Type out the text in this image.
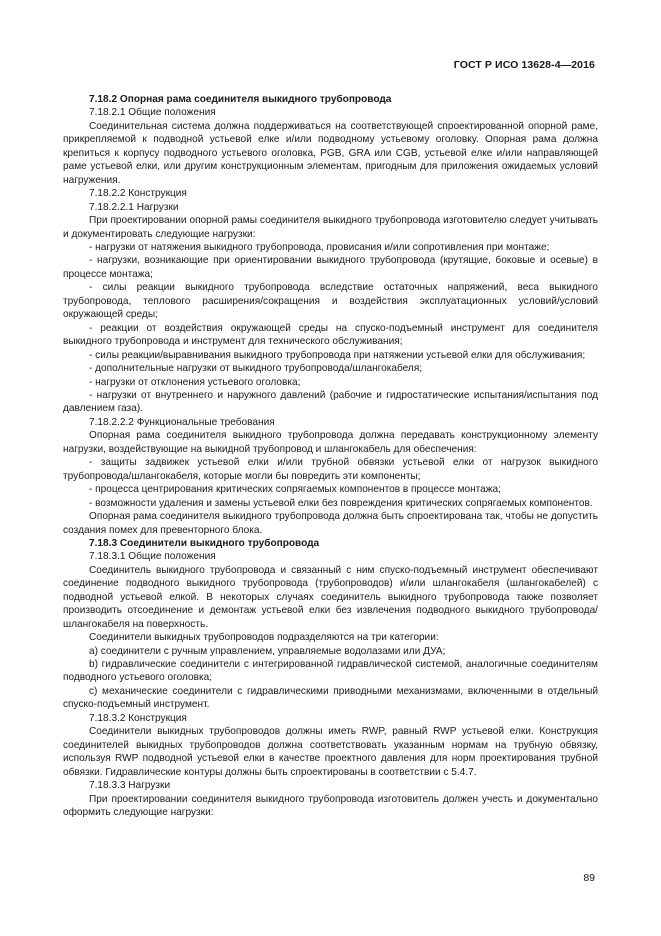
ГОСТ Р ИСО 13628-4—2016

7.18.2 Опорная рама соединителя выкидного трубопровода

7.18.2.1 Общие положения

Соединительная система должна поддерживаться на соответствующей спроектированной опорной раме, прикрепляемой к подводной устьевой елке и/или подводному устьевому оголовку. Опорная рама должна крепиться к корпусу подводного устьевого оголовка, PGB, GRA или CGB, устьевой елке и/или направляющей раме устьевой елки, или другим конструкционным элементам, пригодным для приложения ожидаемых условий нагружения.

7.18.2.2 Конструкция

7.18.2.2.1 Нагрузки

При проектировании опорной рамы соединителя выкидного трубопровода изготовителю следует учитывать и документировать следующие нагрузки:

- нагрузки от натяжения выкидного трубопровода, провисания и/или сопротивления при монтаже;

- нагрузки, возникающие при ориентировании выкидного трубопровода (крутящие, боковые и осевые) в процессе монтажа;

- силы реакции выкидного трубопровода вследствие остаточных напряжений, веса выкидного трубопровода, теплового расширения/сокращения и воздействия эксплуатационных условий/условий окружающей среды;

- реакции от воздействия окружающей среды на спуско-подъемный инструмент для соединителя выкидного трубопровода и инструмент для технического обслуживания;

- силы реакции/выравнивания выкидного трубопровода при натяжении устьевой елки для обслуживания;

- дополнительные нагрузки от выкидного трубопровода/шлангокабеля;

- нагрузки от отклонения устьевого оголовка;

- нагрузки от внутреннего и наружного давлений (рабочие и гидростатические испытания/испытания под давлением газа).

7.18.2.2.2 Функциональные требования

Опорная рама соединителя выкидного трубопровода должна передавать конструкционному элементу нагрузки, воздействующие на выкидной трубопровод и шлангокабель для обеспечения:

- защиты задвижек устьевой елки и/или трубной обвязки устьевой елки от нагрузок выкидного трубопровода/шлангокабеля, которые могли бы повредить эти компоненты;

- процесса центрирования критических сопрягаемых компонентов в процессе монтажа;

- возможности удаления и замены устьевой елки без повреждения критических сопрягаемых компонентов.

Опорная рама соединителя выкидного трубопровода должна быть спроектирована так, чтобы не допустить создания помех для превенторного блока.

7.18.3 Соединители выкидного трубопровода

7.18.3.1 Общие положения

Соединитель выкидного трубопровода и связанный с ним спуско-подъемный инструмент обеспечивают соединение подводного выкидного трубопровода (трубопроводов) и/или шлангокабеля (шлангокабелей) с подводной устьевой елкой. В некоторых случаях соединитель выкидного трубопровода также позволяет производить отсоединение и демонтаж устьевой елки без извлечения подводного выкидного трубопровода/шлангокабеля на поверхность.

Соединители выкидных трубопроводов подразделяются на три категории:

а) соединители с ручным управлением, управляемые водолазами или ДУА;

b) гидравлические соединители с интегрированной гидравлической системой, аналогичные соединителям подводного устьевого оголовка;

с) механические соединители с гидравлическими приводными механизмами, включенными в отдельный спуско-подъемный инструмент.

7.18.3.2 Конструкция

Соединители выкидных трубопроводов должны иметь RWP, равный RWP устьевой елки. Конструкция соединителей выкидных трубопроводов должна соответствовать указанным нормам на трубную обвязку, используя RWP подводной устьевой елки в качестве проектного давления для норм проектирования трубной обвязки. Гидравлические контуры должны быть спроектированы в соответствии с 5.4.7.

7.18.3.3 Нагрузки

При проектировании соединителя выкидного трубопровода изготовитель должен учесть и документально оформить следующие нагрузки:

89
